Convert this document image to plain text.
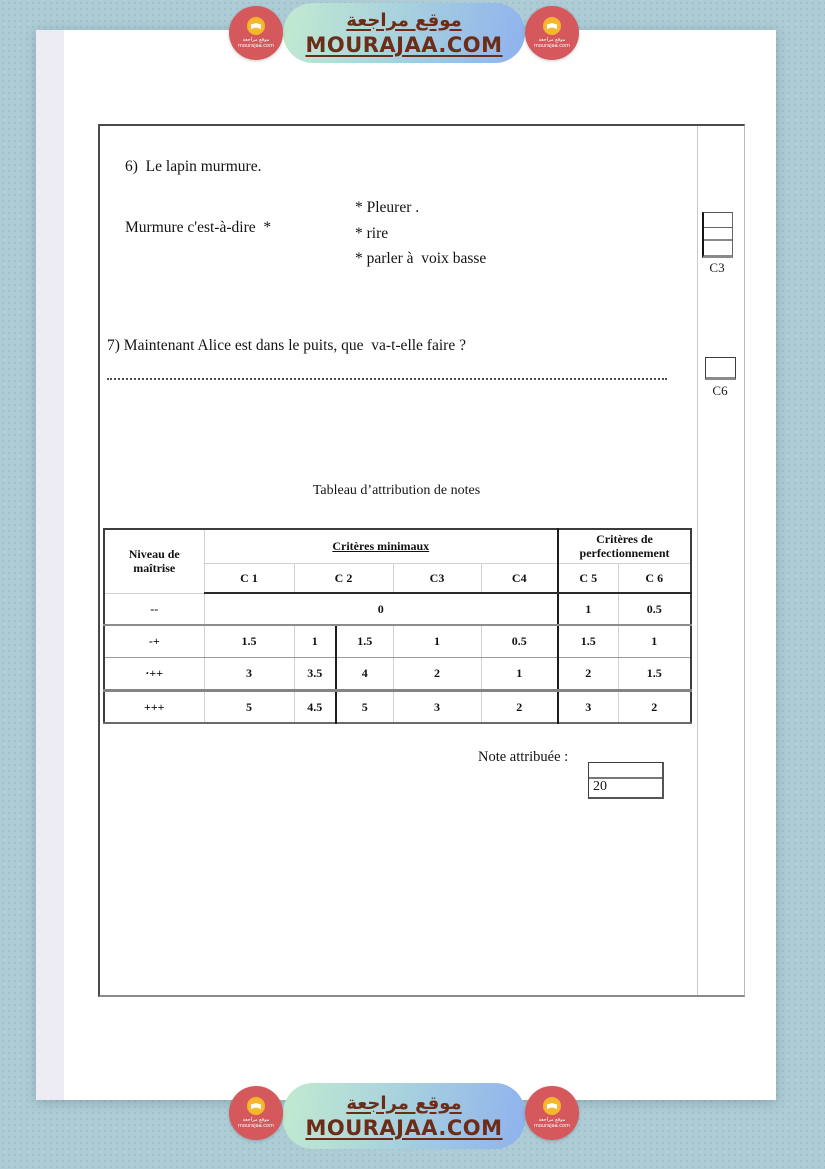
موقع مراجعة
MOURAJAA.COM
موقع مراجعة
mourajaa.com
موقع مراجعة
mourajaa.com
6)  Le lapin murmure.
Murmure c'est-à-dire  *
* Pleurer .
* rire
* parler à  voix basse
C3
7) Maintenant Alice est dans le puits, que  va-t-elle faire ?
C6
Tableau d’attribution de notes
Niveau de maîtrise	Critères minimaux					Critères de perfectionnement	
	C 1	C 2		C3	C4	C 5	C 6
--	0					1	0.5
-+	1.5	1	1.5	1	0.5	1.5	1
·++	3	3.5	4	2	1	2	1.5
+++	5	4.5	5	3	2	3	2
Note attribuée :
20
موقع مراجعة
MOURAJAA.COM
موقع مراجعة
mourajaa.com
موقع مراجعة
mourajaa.com
